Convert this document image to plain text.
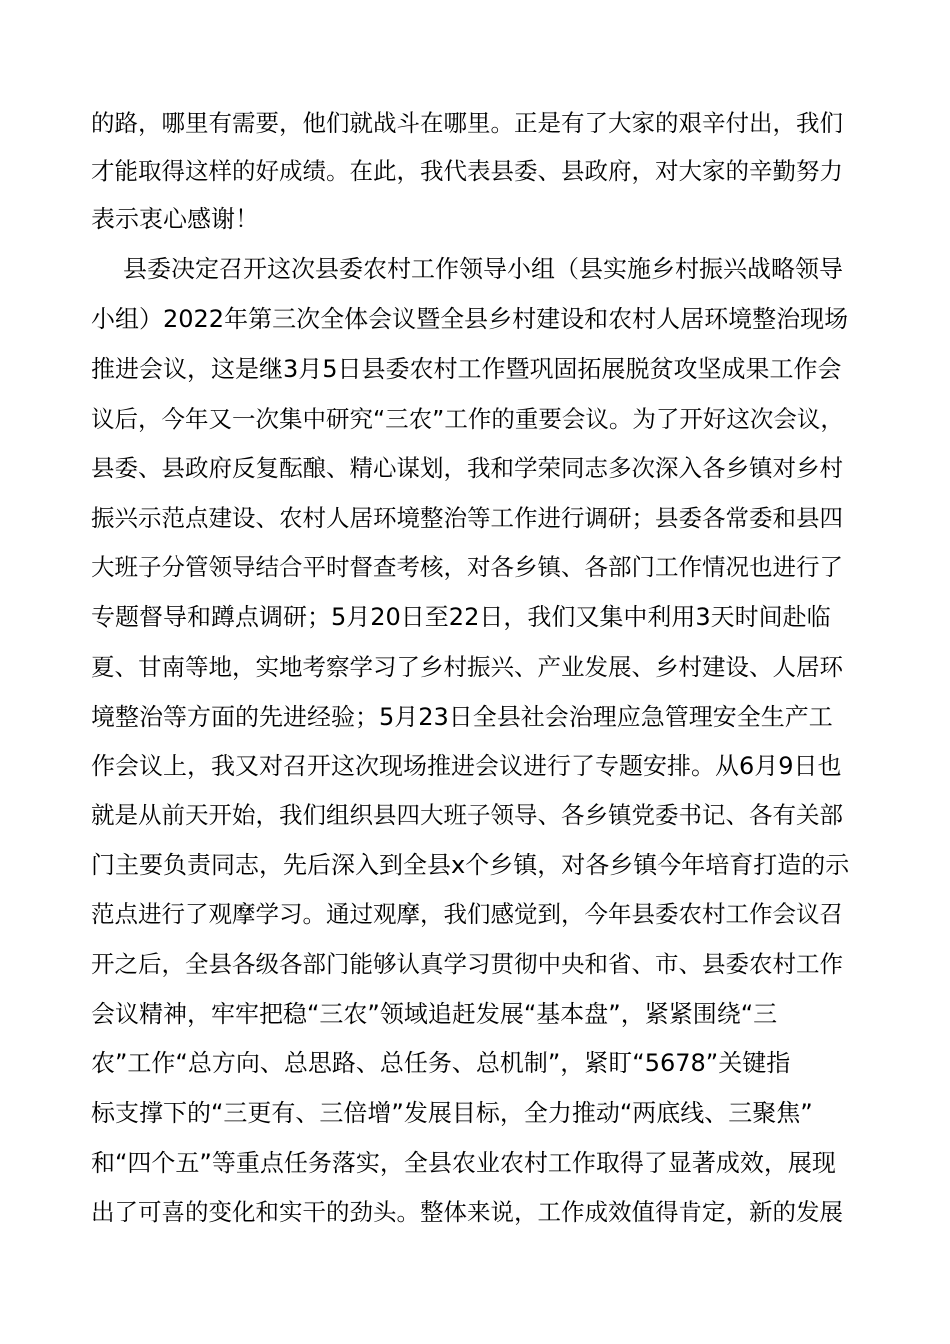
的路，哪里有需要，他们就战斗在哪里。正是有了大家的艰辛付出，我们
才能取得这样的好成绩。在此，我代表县委、县政府，对大家的辛勤努力
表示衷心感谢！
县委决定召开这次县委农村工作领导小组（县实施乡村振兴战略领导
小组）2022年第三次全体会议暨全县乡村建设和农村人居环境整治现场
推进会议，这是继3月5日县委农村工作暨巩固拓展脱贫攻坚成果工作会
议后，今年又一次集中研究“三农”工作的重要会议。为了开好这次会议，
县委、县政府反复酝酿、精心谋划，我和学荣同志多次深入各乡镇对乡村
振兴示范点建设、农村人居环境整治等工作进行调研；县委各常委和县四
大班子分管领导结合平时督查考核，对各乡镇、各部门工作情况也进行了
专题督导和蹲点调研；5月20日至22日，我们又集中利用3天时间赴临
夏、甘南等地，实地考察学习了乡村振兴、产业发展、乡村建设、人居环
境整治等方面的先进经验；5月23日全县社会治理应急管理安全生产工
作会议上，我又对召开这次现场推进会议进行了专题安排。从6月9日也
就是从前天开始，我们组织县四大班子领导、各乡镇党委书记、各有关部
门主要负责同志，先后深入到全县x个乡镇，对各乡镇今年培育打造的示
范点进行了观摩学习。通过观摩，我们感觉到，今年县委农村工作会议召
开之后，全县各级各部门能够认真学习贯彻中央和省、市、县委农村工作
会议精神，牢牢把稳“三农”领域追赶发展“基本盘”，紧紧围绕“三
农”工作“总方向、总思路、总任务、总机制”，紧盯“5678”关键指
标支撑下的“三更有、三倍增”发展目标，全力推动“两底线、三聚焦”
和“四个五”等重点任务落实，全县农业农村工作取得了显著成效，展现
出了可喜的变化和实干的劲头。整体来说，工作成效值得肯定，新的发展
